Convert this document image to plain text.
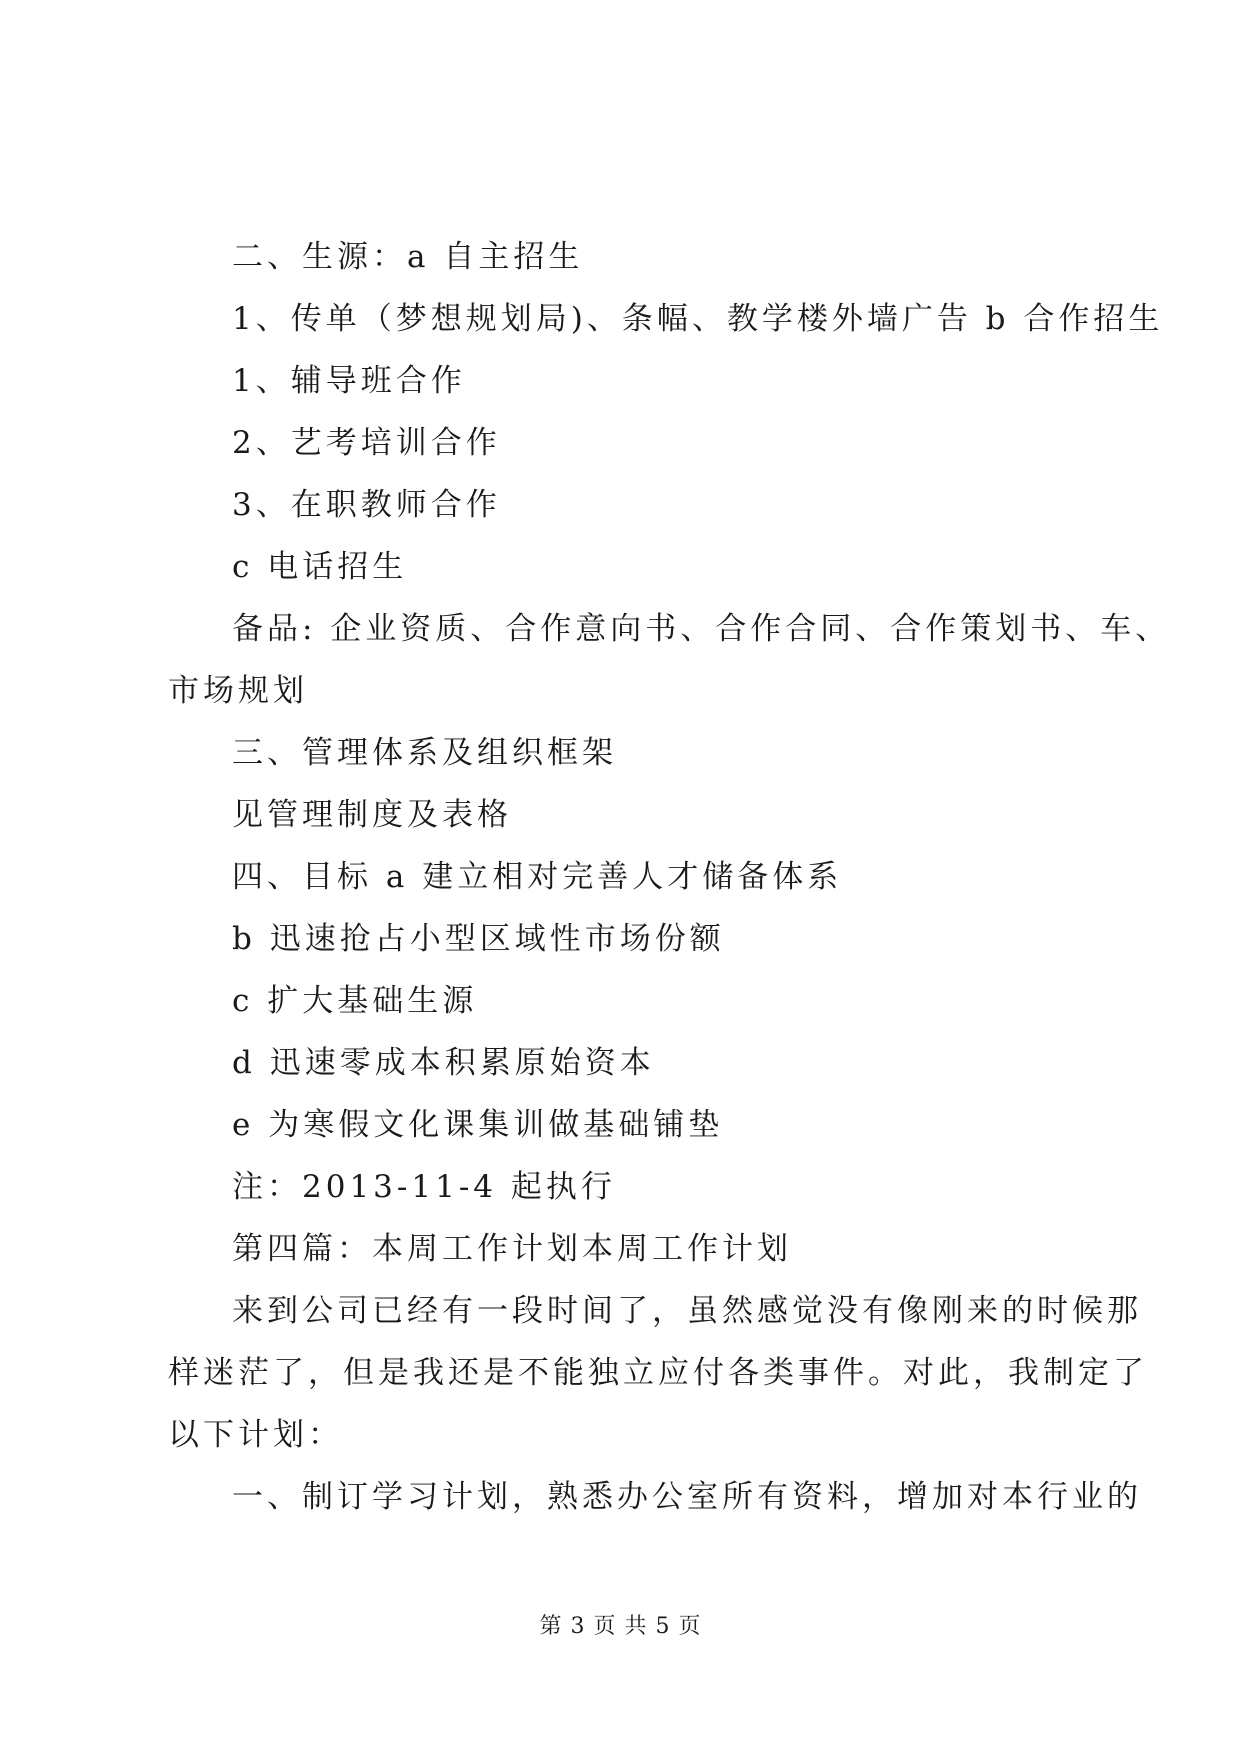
二、生源：a 自主招生
1、传单（梦想规划局)、条幅、教学楼外墙广告 b 合作招生
1、辅导班合作
2、艺考培训合作
3、在职教师合作
c 电话招生
备品: 企业资质、合作意向书、合作合同、合作策划书、车、
市场规划
三、管理体系及组织框架
见管理制度及表格
四、目标 a 建立相对完善人才储备体系
b 迅速抢占小型区域性市场份额
c 扩大基础生源
d 迅速零成本积累原始资本
e 为寒假文化课集训做基础铺垫
注：2013-11-4 起执行
第四篇：本周工作计划本周工作计划
来到公司已经有一段时间了，虽然感觉没有像刚来的时候那
样迷茫了，但是我还是不能独立应付各类事件。对此，我制定了
以下计划：
一、制订学习计划，熟悉办公室所有资料，增加对本行业的
第 3 页 共 5 页
